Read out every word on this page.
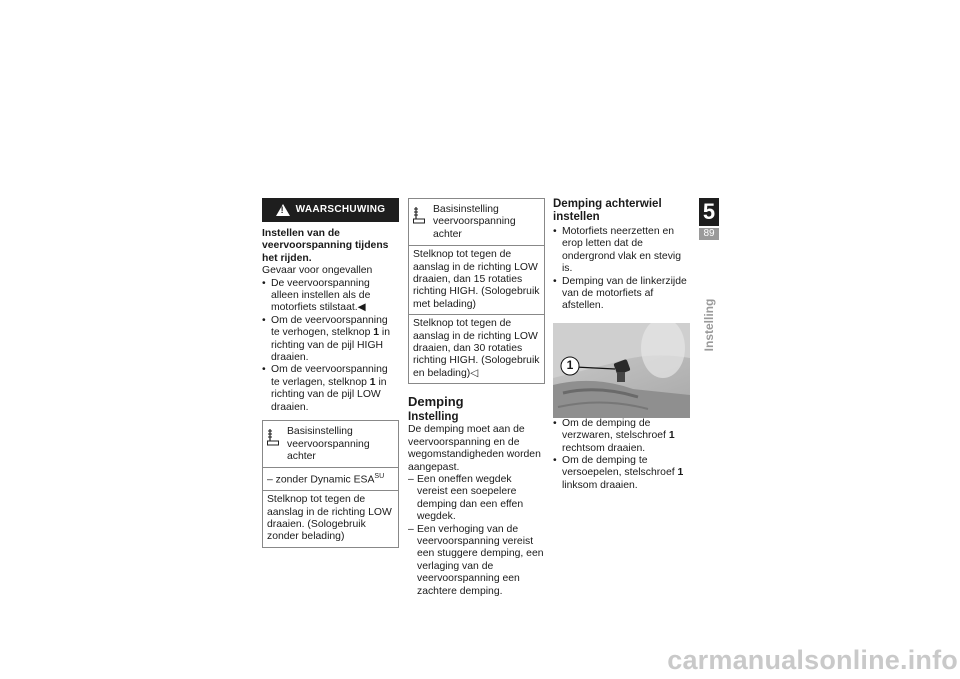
!
WAARSCHUWING

Instellen van de veervoorspanning tijdens het rijden.

Gevaar voor ongevallen

• De veervoorspanning alleen instellen als de motorfiets stilstaat.◀
• Om de veervoorspanning te verhogen, stelknop 1 in richting van de pijl HIGH draaien.
• Om de veervoorspanning te verlagen, stelknop 1 in richting van de pijl LOW draaien.
Basisinstelling veervoorspanning achter
– zonder Dynamic $ESA^{SU}$
Stelknop tot tegen de aanslag in de richting LOW draaien. (Sologebruik zonder belading)
Basisinstelling veervoorspanning achter
Stelknop tot tegen de aanslag in de richting LOW draaien, dan 15 rotaties richting HIGH. (Sologebruik met belading)
Stelknop tot tegen de aanslag in de richting LOW draaien, dan 30 rotaties richting HIGH. (Sologebruik en belading)◁
Demping
Instelling

De demping moet aan de veervoorspanning en de wegomstandigheden worden aangepast.

– Een oneffen wegdek vereist een soepelere demping dan een effen wegdek.
– Een verhoging van de veervoorspanning vereist een stuggere demping, een verlaging van de veervoorspanning een zachtere demping.
Demping achterwiel instellen
• Motorfiets neerzetten en erop letten dat de ondergrond vlak en stevig is.
• Demping van de linkerzijde van de motorfiets af afstellen.
1
• Om de demping de verzwaren, stelschroef 1 rechtsom draaien.
• Om de demping te versoepelen, stelschroef 1 linksom draaien.
5
89
Instelling
carmanualsonline.info
